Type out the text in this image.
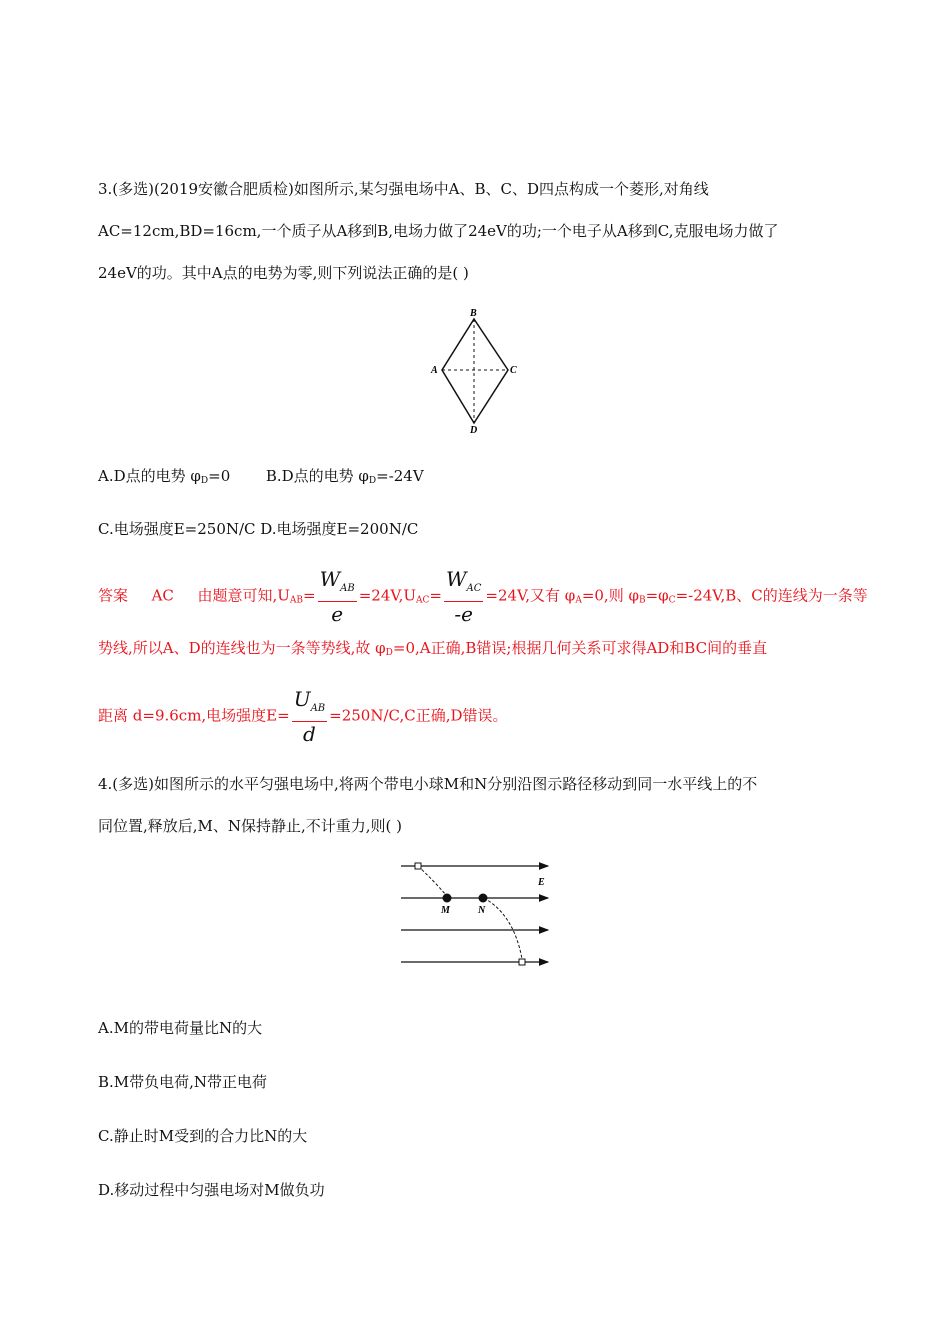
3.(多选)(2019安徽合肥质检)如图所示,某匀强电场中A、B、C、D四点构成一个菱形,对角线
AC=12cm,BD=16cm,一个质子从A移到B,电场力做了24eV的功;一个电子从A移到C,克服电场力做了
24eV的功。其中A点的电势为零,则下列说法正确的是( )
B
A	C
D
A.D点的电势 $\varphi_D=0$ B.D点的电势 $\varphi_D=-24V$
C.电场强度E=250N/C D.电场强度E=200N/C
答案 AC 由题意可知$,U_{AB}= \frac{W_{AB}}{e} =24V,U_{AC}= \frac{W_{AC}}{-e} =24V$,又有 $\varphi_A=0$,则 $\varphi_B=\varphi_C=-24V,B$、C的连线为一条等
势线,所以A、D的连线也为一条等势线,故 $\varphi_D=0,A$正确,B错误;根据几何关系可求得AD和BC间的垂直
距离 d=9.6cm,电场强度$E= \frac{U_{AB}}{d} =250N/C,C$正确,D错误。
4.(多选)如图所示的水平匀强电场中,将两个带电小球M和N分别沿图示路径移动到同一水平线上的不
同位置,释放后,M、N保持静止,不计重力,则( )
E
M	N
A.M的带电荷量比N的大
B.M带负电荷,N带正电荷
C.静止时M受到的合力比N的大
D.移动过程中匀强电场对M做负功
